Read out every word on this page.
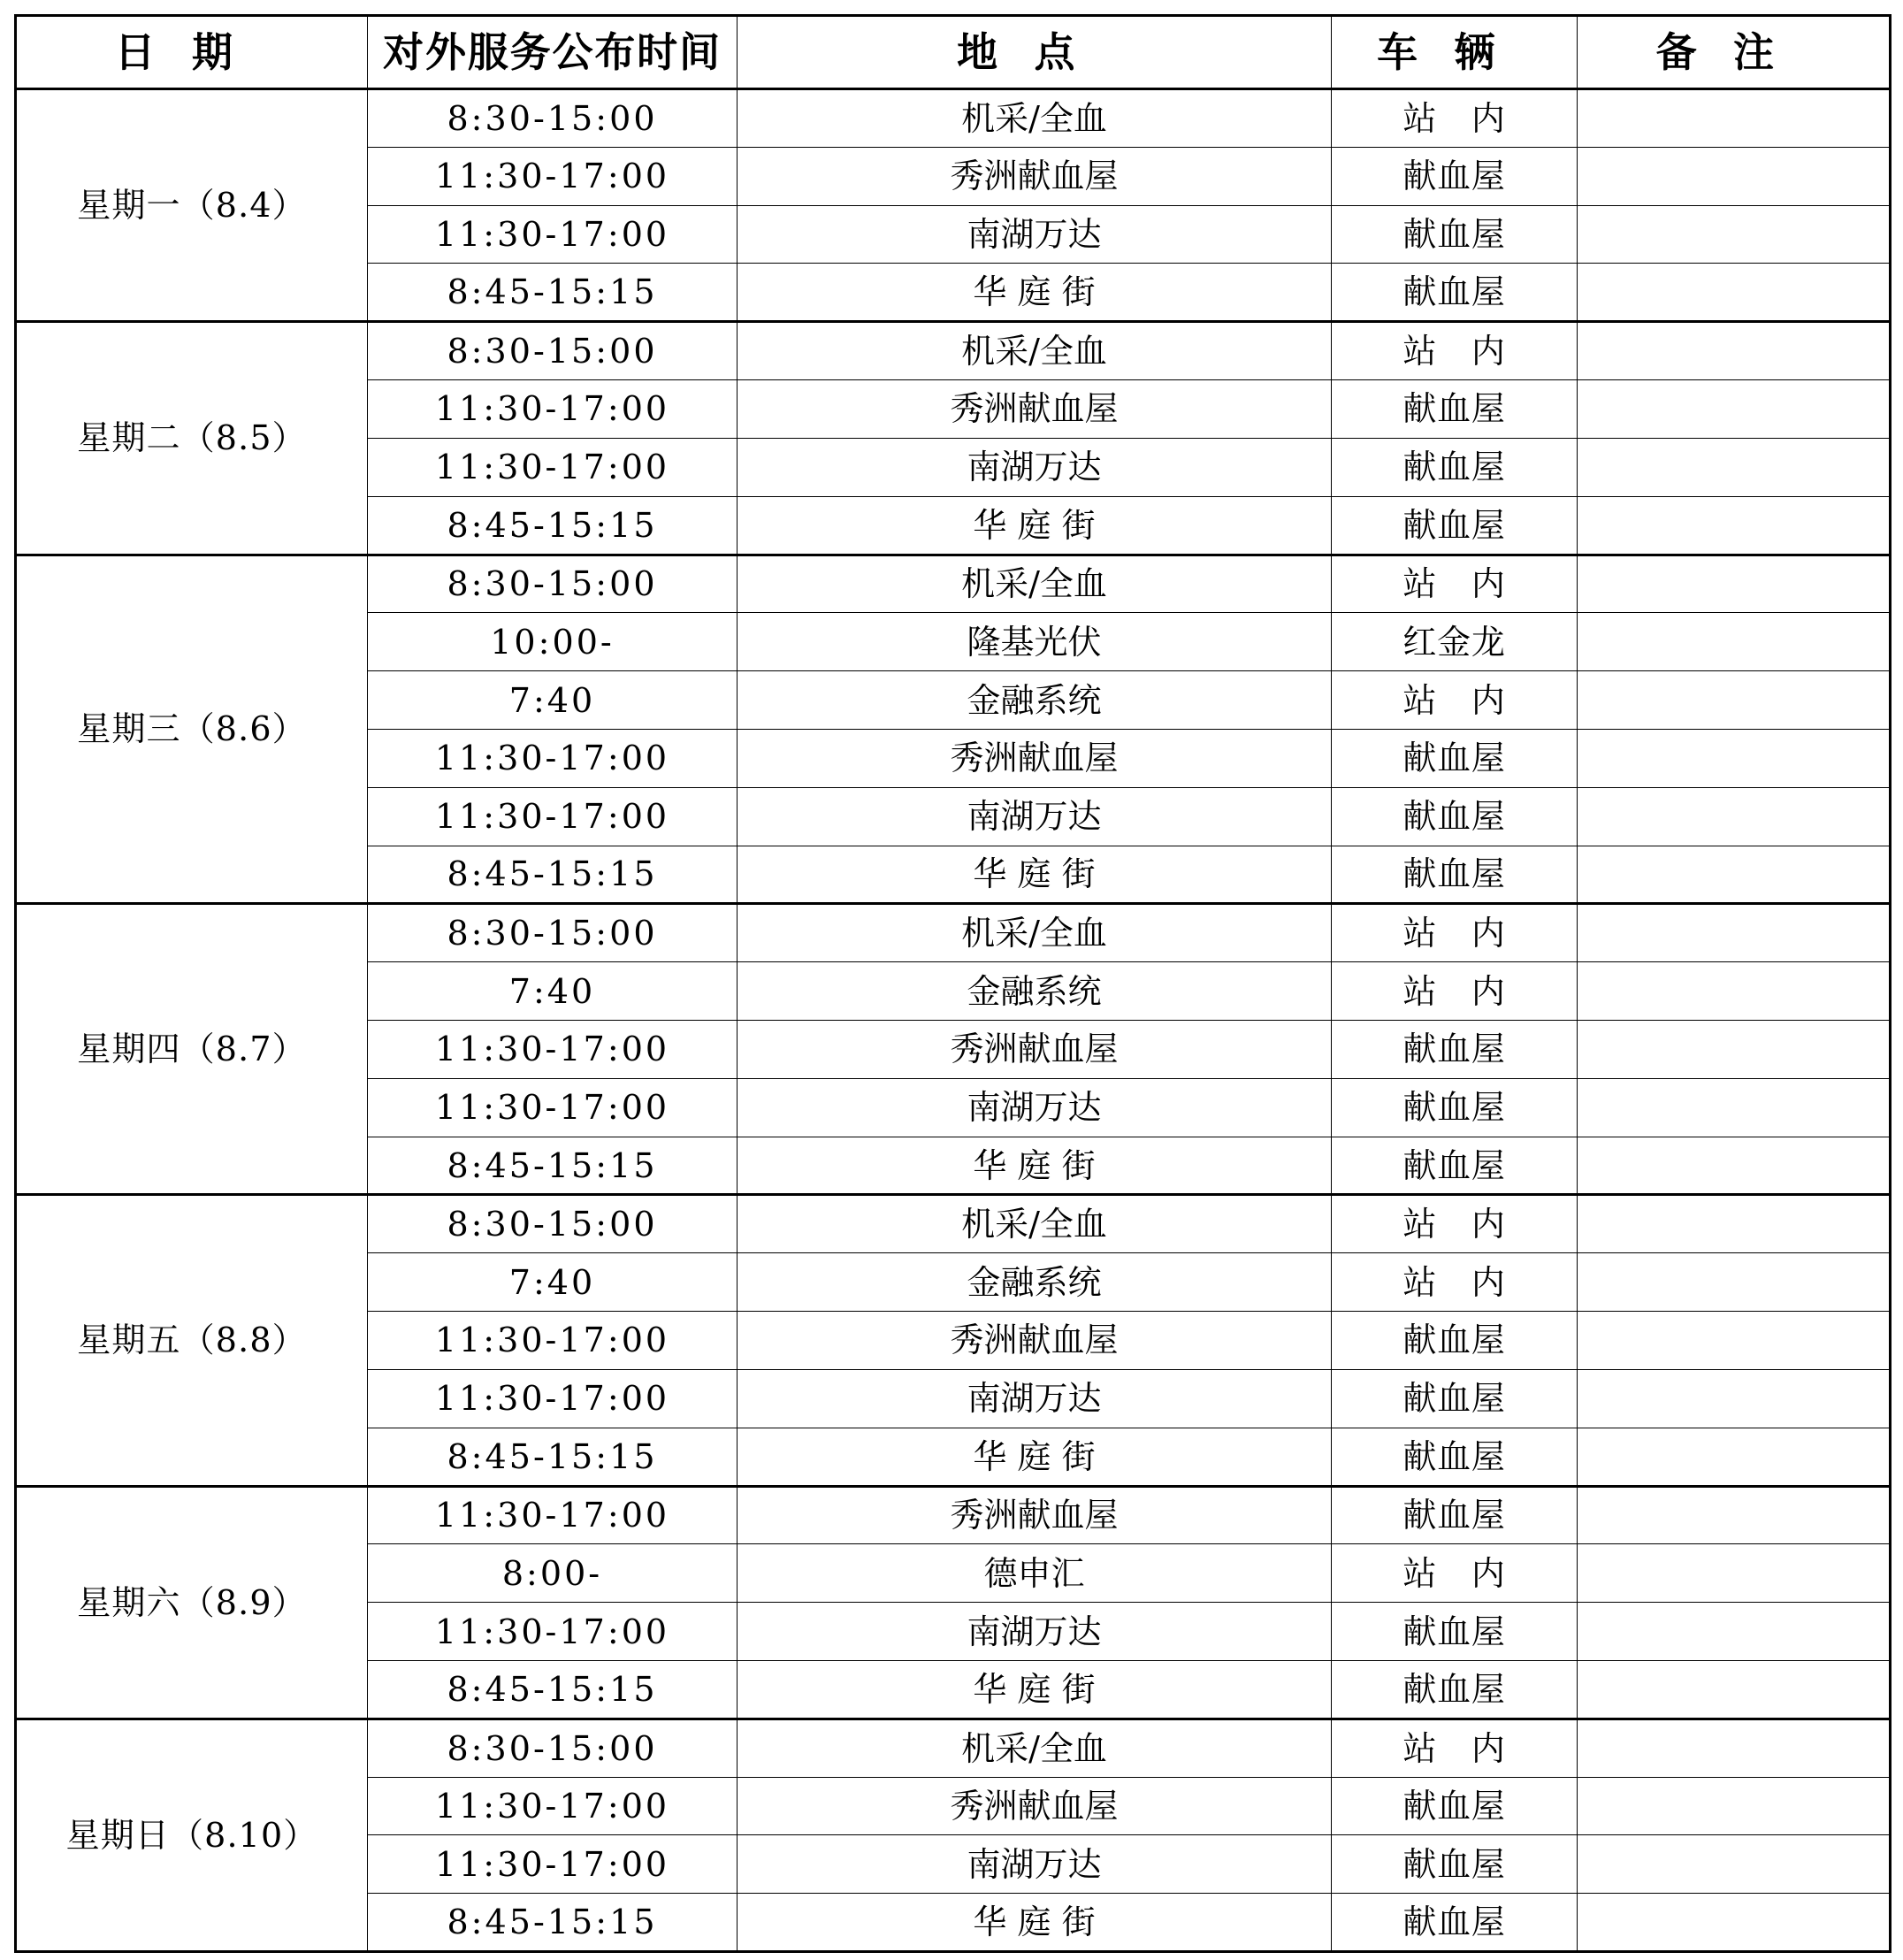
日期	对外服务公布时间	地点	车辆	备注
星期一（8.4）	8:30-15:00	机采/全血	站　内	
	11:30-17:00	秀洲献血屋	献血屋	
	11:30-17:00	南湖万达	献血屋	
	8:45-15:15	华 庭 街	献血屋	
星期二（8.5）	8:30-15:00	机采/全血	站　内	
	11:30-17:00	秀洲献血屋	献血屋	
	11:30-17:00	南湖万达	献血屋	
	8:45-15:15	华 庭 街	献血屋	
星期三（8.6）	8:30-15:00	机采/全血	站　内	
	10:00-	隆基光伏	红金龙	
	7:40	金融系统	站　内	
	11:30-17:00	秀洲献血屋	献血屋	
	11:30-17:00	南湖万达	献血屋	
	8:45-15:15	华 庭 街	献血屋	
星期四（8.7）	8:30-15:00	机采/全血	站　内	
	7:40	金融系统	站　内	
	11:30-17:00	秀洲献血屋	献血屋	
	11:30-17:00	南湖万达	献血屋	
	8:45-15:15	华 庭 街	献血屋	
星期五（8.8）	8:30-15:00	机采/全血	站　内	
	7:40	金融系统	站　内	
	11:30-17:00	秀洲献血屋	献血屋	
	11:30-17:00	南湖万达	献血屋	
	8:45-15:15	华 庭 街	献血屋	
星期六（8.9）	11:30-17:00	秀洲献血屋	献血屋	
	8:00-	德申汇	站　内	
	11:30-17:00	南湖万达	献血屋	
	8:45-15:15	华 庭 街	献血屋	
星期日（8.10）	8:30-15:00	机采/全血	站　内	
	11:30-17:00	秀洲献血屋	献血屋	
	11:30-17:00	南湖万达	献血屋	
	8:45-15:15	华 庭 街	献血屋	
